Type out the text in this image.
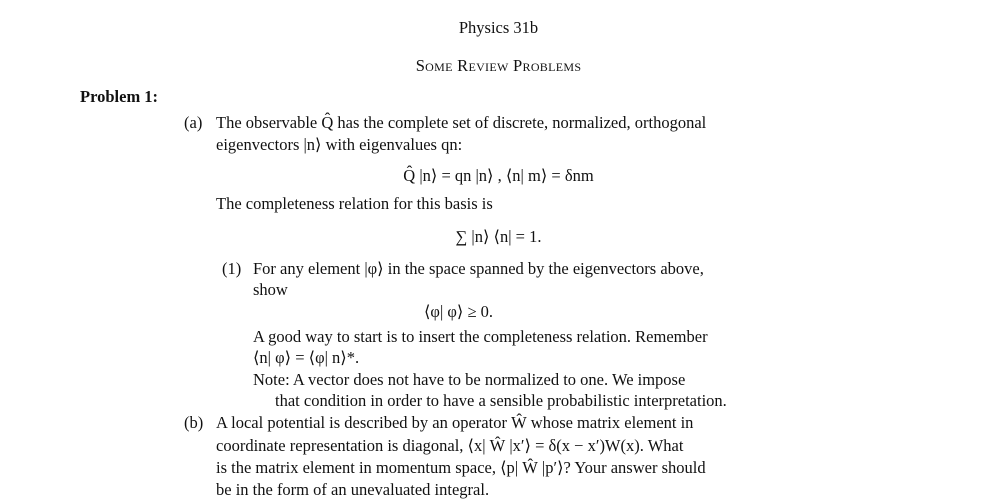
Physics 31b
Some Review Problems
Problem 1:
(a) The observable Q̂ has the complete set of discrete, normalized, orthogonal
eigenvectors |n⟩ with eigenvalues qn:
Q̂ |n⟩ = qn |n⟩ , ⟨n| m⟩ = δnm
The completeness relation for this basis is
∑ |n⟩ ⟨n| = 1.
(1) For any element |φ⟩ in the space spanned by the eigenvectors above,
show
⟨φ| φ⟩ ≥ 0.
A good way to start is to insert the completeness relation. Remember
⟨n| φ⟩ = ⟨φ| n⟩*.
Note: A vector does not have to be normalized to one. We impose
that condition in order to have a sensible probabilistic interpretation.
(b) A local potential is described by an operator Ŵ whose matrix element in
coordinate representation is diagonal, ⟨x| Ŵ |x′⟩ = δ(x − x′)W(x). What
is the matrix element in momentum space, ⟨p| Ŵ |p′⟩? Your answer should
be in the form of an unevaluated integral.
